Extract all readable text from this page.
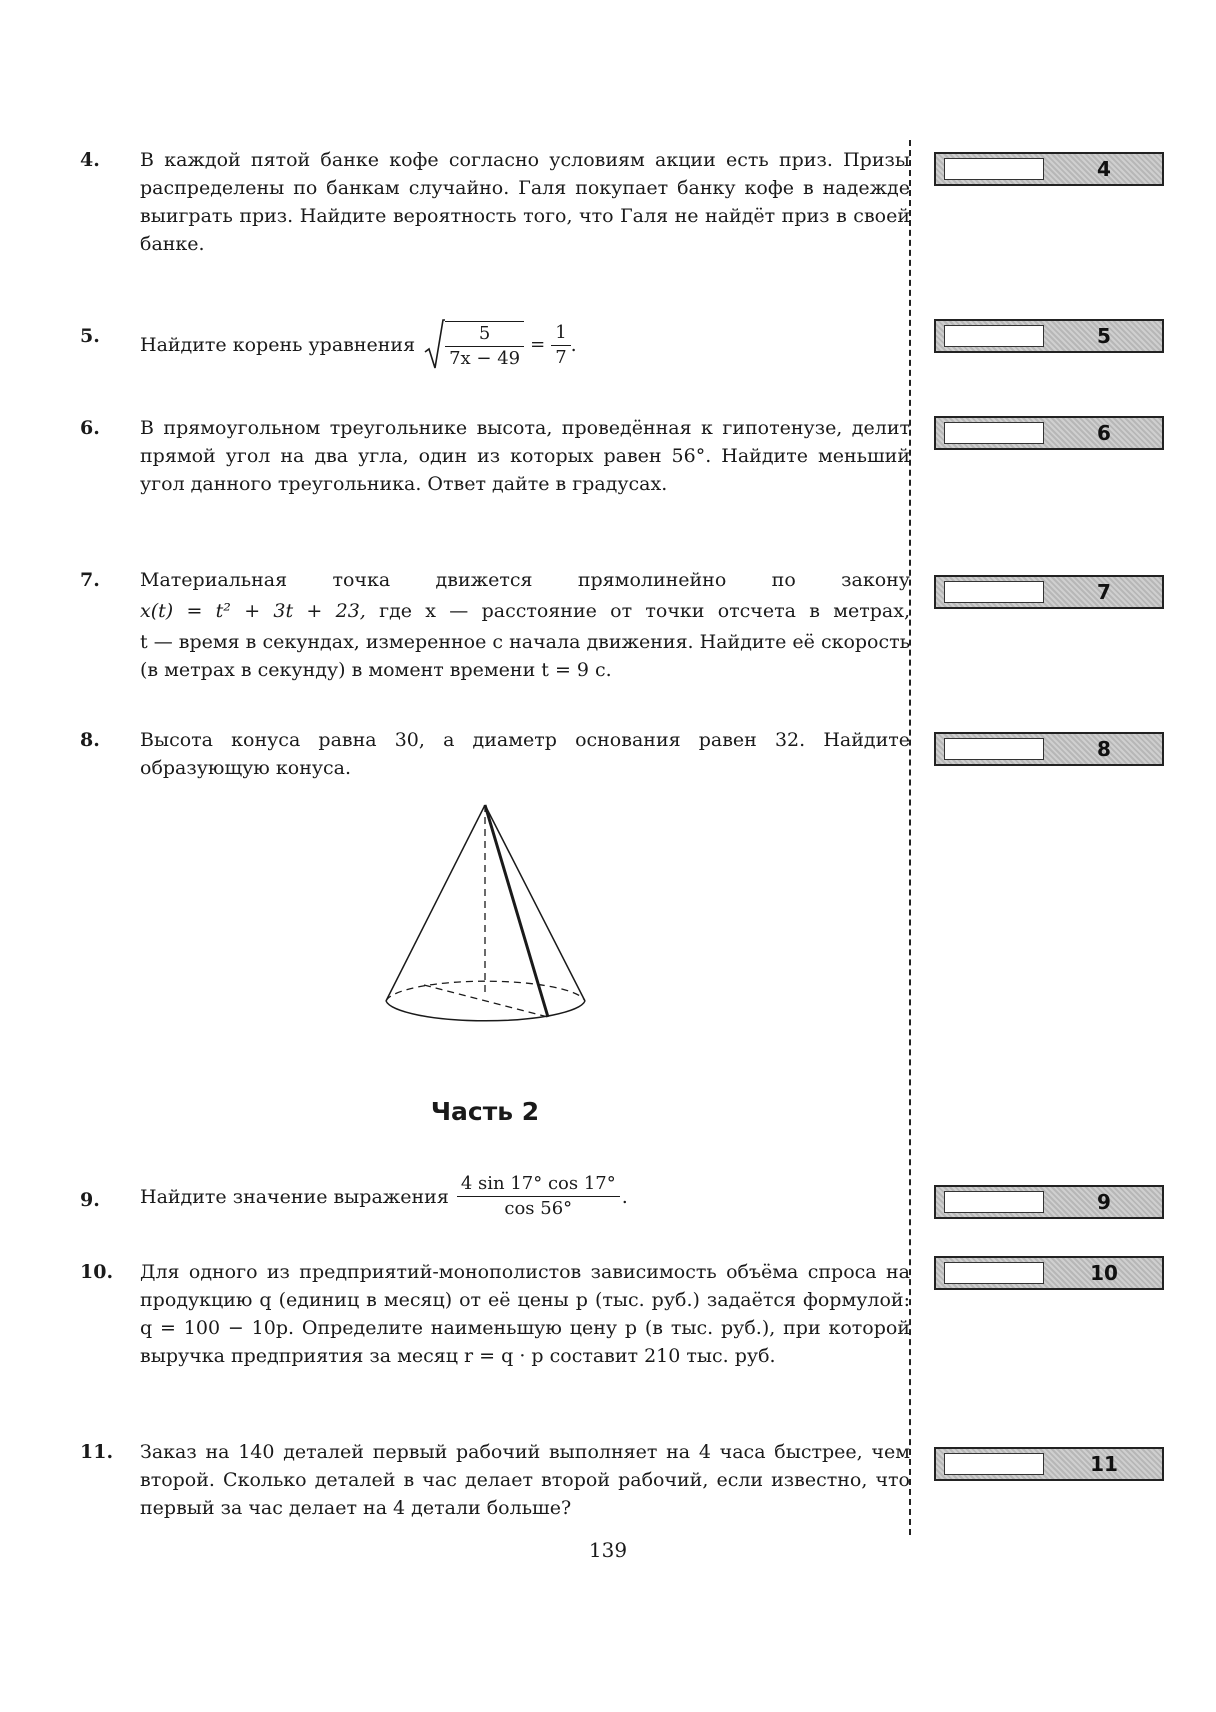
4. В каждой пятой банке кофе согласно условиям акции есть приз. Призы распределены по банкам случайно. Галя покупает банку кофе в надежде выиграть приз. Найдите вероятность того, что Галя не найдёт приз в своей банке.
4
5. Найдите корень уравнения $\frac{5}{7x - 49} = \frac{1}{7}$ .	5
6. В прямоугольном треугольнике высота, проведённая к гипотенузе, делит прямой угол на два угла, один из которых равен 56°. Найдите меньший угол данного треугольника. Ответ дайте в градусах.
6
7. Материальная точка движется прямолинейно по закону
x(t) = t² + 3t + 23, где x — расстояние от точки отсчета в метрах,
t — время в секундах, измеренное с начала движения. Найдите её скорость (в метрах в секунду) в момент времени t = 9 с.
7
8. Высота конуса равна 30, а диаметр основания равен 32. Найдите образующую конуса.
8
Часть 2
9. Найдите значение выражения $\frac{4 \sin 17^\circ \cos 17^\circ}{\cos 56^\circ}$ .	9
10. Для одного из предприятий-монополистов зависимость объёма спроса на продукцию q (единиц в месяц) от её цены p (тыс. руб.) задаётся формулой: q = 100 − 10p. Определите наименьшую цену p (в тыс. руб.), при которой выручка предприятия за месяц r = q · p составит 210 тыс. руб.
10
11. Заказ на 140 деталей первый рабочий выполняет на 4 часа быстрее, чем второй. Сколько деталей в час делает второй рабочий, если известно, что первый за час делает на 4 детали больше?
11
139
